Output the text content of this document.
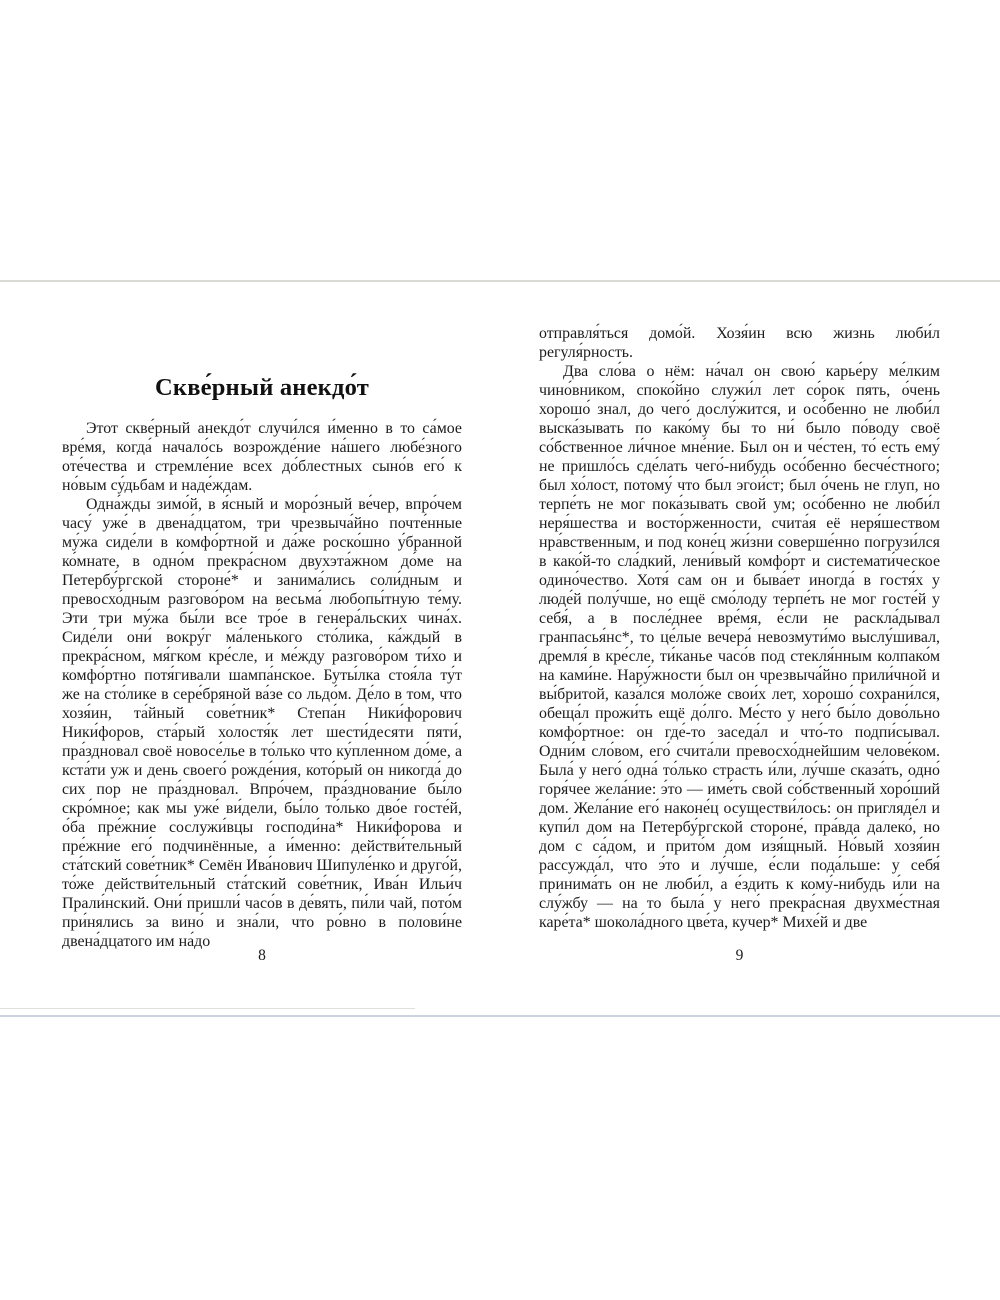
Скве́рный анекдо́т

Этот скве́рный анекдо́т случи́лся и́менно в то са́мое вре́мя, когда́ начало́сь возрожде́ние на́шего любе́зного оте́чества и стремле́ние всех до́блестных сыно́в его́ к но́вым су́дьбам и наде́ждам.

Одна́жды зимо́й, в я́сный и моро́зный ве́чер, впро́чем часу́ уже́ в двена́дцатом, три чрезвыча́йно почте́нные му́жа сиде́ли в комфо́ртной и да́же роско́шно у́бранной ко́мнате, в одно́м прекра́сном двухэта́жном до́ме на Петербу́ргской стороне́* и занима́лись соли́дным и превосхо́дным разгово́ром на весьма́ любопы́тную те́му. Эти три му́жа бы́ли все тро́е в генера́льских чина́х. Сиде́ли они́ вокру́г ма́ленького сто́лика, ка́ждый в прекра́сном, мя́гком кре́сле, и ме́жду разгово́ром ти́хо и комфо́ртно потя́гивали шампа́нское. Буты́лка стоя́ла ту́т же на сто́лике в сере́бряной ва́зе со льдо́м. Де́ло в том, что хозя́ин, та́йный сове́тник* Степа́н Ники́форович Ники́форов, ста́рый холостя́к лет шести́десяти пяти́, пра́здновал своё новосе́лье в то́лько что ку́пленном до́ме, а кста́ти уж и день своего́ рожде́ния, кото́рый он никогда́ до сих пор не пра́здновал. Впро́чем, пра́зднование бы́ло скро́мное; как мы уже́ ви́дели, бы́ло то́лько дво́е госте́й, о́ба пре́жние сослужи́вцы господи́на* Ники́форова и пре́жние его́ подчинённые, а и́менно: действи́тельный ста́тский сове́тник* Семён Ива́нович Шипуле́нко и друго́й, то́же действи́тельный ста́тский сове́тник, Ива́н Ильи́ч Прали́нский. Они́ пришли́ часо́в в де́вять, пи́ли чай, пото́м при́нялись за вино́ и зна́ли, что ро́вно в полови́не двена́дцатого им на́до

8

отправля́ться домо́й. Хозя́ин всю жизнь люби́л регуля́рность.

Два сло́ва о нём: на́чал он свою́ карье́ру ме́лким чино́вником, споко́йно служи́л лет со́рок пять, о́чень хорошо́ знал, до чего́ дослу́жится, и осо́бенно не люби́л выска́зывать по како́му бы то ни́ было по́воду своё со́бственное ли́чное мне́ние. Был он и че́стен, то́ есть ему́ не пришло́сь сде́лать чего́-нибудь осо́бенно бесче́стного; был хо́лост, потому́ что был эгои́ст; был о́чень не глуп, но терпе́ть не мог пока́зывать свой ум; осо́бенно не люби́л неря́шества и восто́рженности, счита́я её неря́шеством нра́вственным, и под коне́ц жи́зни соверше́нно погрузи́лся в како́й-то сла́дкий, лени́вый комфо́рт и системати́ческое одино́чество. Хотя́ сам он и быва́ет иногда́ в гостя́х у люде́й полу́чше, но ещё смо́лоду терпе́ть не мог госте́й у себя́, а в после́днее вре́мя, е́сли не раскла́дывал гранпасья́нс*, то це́лые вечера́ невозмути́мо выслу́шивал, дремля́ в кре́сле, ти́канье часо́в под стекля́нным колпако́м на ками́не. Нару́жности был он чрезвыча́йно прили́чной и вы́бритой, каза́лся моло́же свои́х лет, хорошо́ сохрани́лся, обеща́л прожи́ть ещё до́лго. Ме́сто у него́ бы́ло дово́льно комфо́ртное: он где́-то заседа́л и что́-то подпи́сывал. Одни́м сло́вом, его́ счита́ли превосхо́днейшим челове́ком. Была́ у него́ одна́ то́лько страсть и́ли, лу́чше сказа́ть, одно́ горя́чее жела́ние: э́то — име́ть свой со́бственный хоро́ший дом. Жела́ние его́ наконе́ц осуществи́лось: он пригляде́л и купи́л дом на Петербу́ргской стороне́, пра́вда далеко́, но дом с са́дом, и прито́м дом изя́щный. Но́вый хозя́ин рассужда́л, что э́то и лу́чше, е́сли пода́льше: у себя́ принима́ть он не люби́л, а е́здить к кому́-нибудь и́ли на слу́жбу — на то была́ у него́ прекра́сная двухме́стная каре́та* шокола́дного цве́та, кучер* Михе́й и две

9
